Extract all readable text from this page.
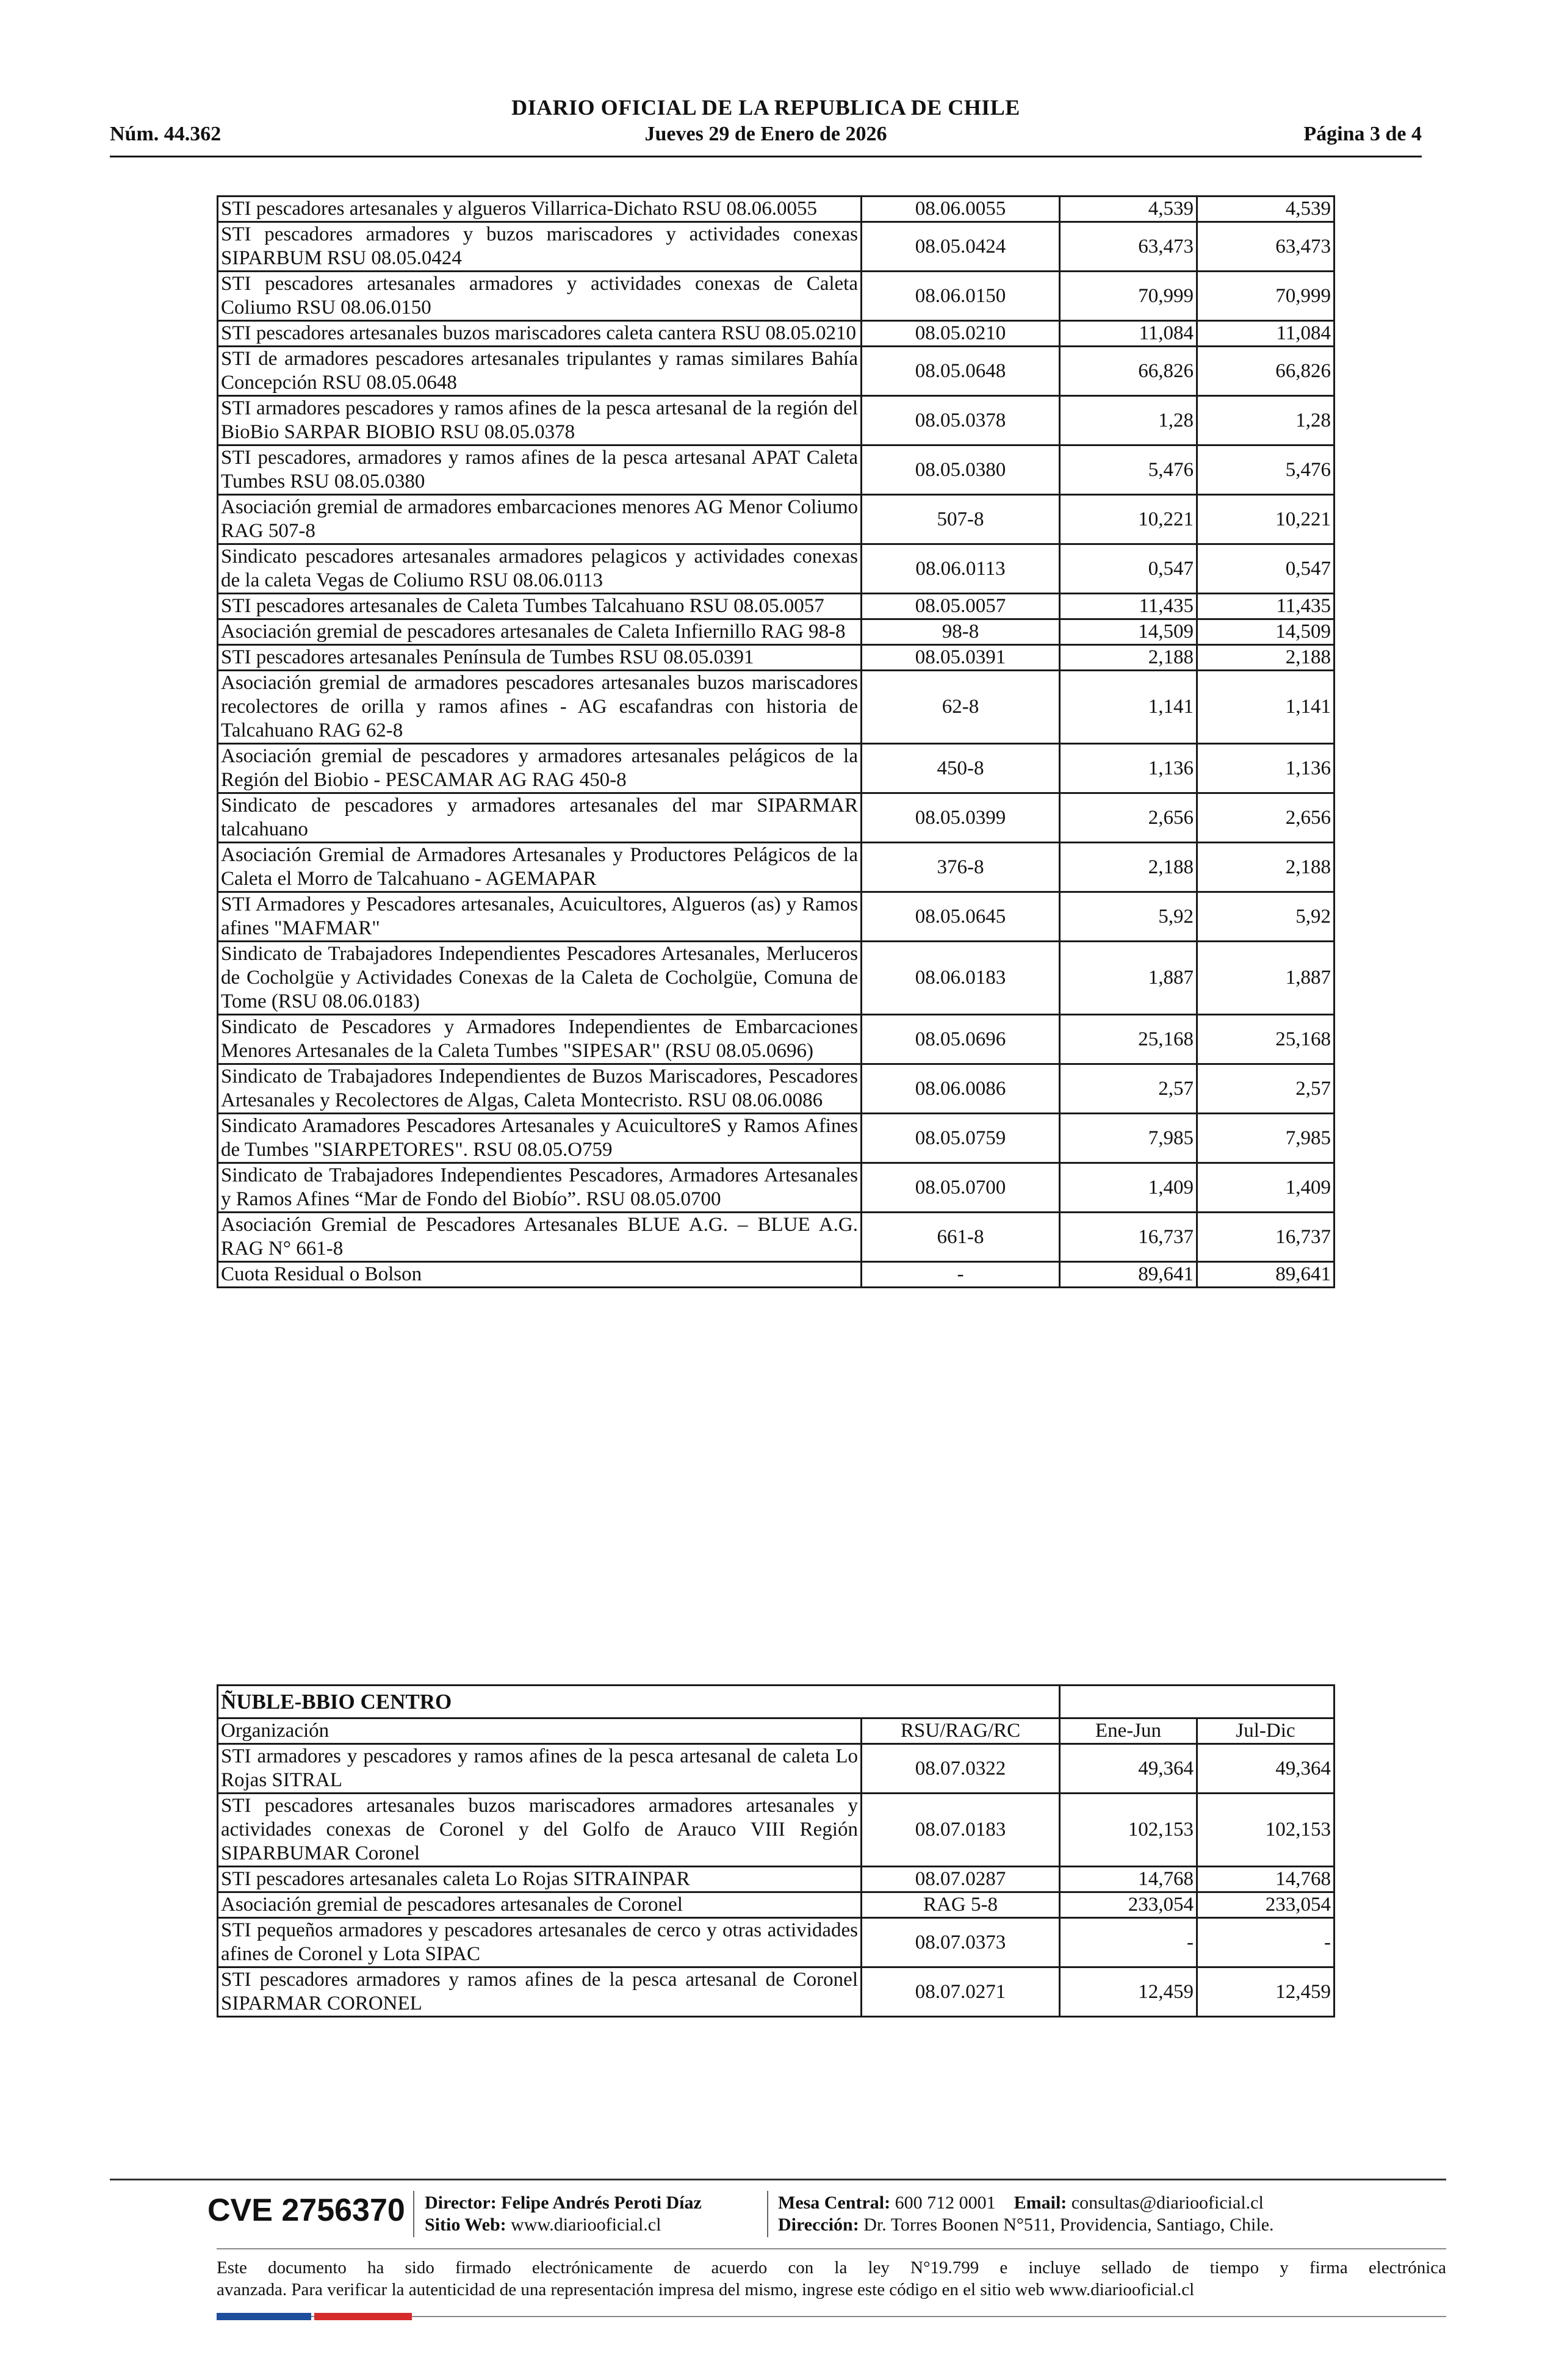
DIARIO OFICIAL DE LA REPUBLICA DE CHILE
Núm. 44.362	Jueves 29 de Enero de 2026	Página 3 de 4
STI pescadores artesanales y algueros Villarrica-Dichato RSU 08.06.0055	08.06.0055	4,539	4,539
STI pescadores armadores y buzos mariscadores y actividades conexas SIPARBUM RSU 08.05.0424	08.05.0424	63,473	63,473
STI pescadores artesanales armadores y actividades conexas de Caleta Coliumo RSU 08.06.0150	08.06.0150	70,999	70,999
STI pescadores artesanales buzos mariscadores caleta cantera RSU 08.05.0210	08.05.0210	11,084	11,084
STI de armadores pescadores artesanales tripulantes y ramas similares Bahía Concepción RSU 08.05.0648	08.05.0648	66,826	66,826
STI armadores pescadores y ramos afines de la pesca artesanal de la región del BioBio SARPAR BIOBIO RSU 08.05.0378	08.05.0378	1,28	1,28
STI pescadores, armadores y ramos afines de la pesca artesanal APAT Caleta Tumbes RSU 08.05.0380	08.05.0380	5,476	5,476
Asociación gremial de armadores embarcaciones menores AG Menor Coliumo RAG 507-8	507-8	10,221	10,221
Sindicato pescadores artesanales armadores pelagicos y actividades conexas de la caleta Vegas de Coliumo RSU 08.06.0113	08.06.0113	0,547	0,547
STI pescadores artesanales de Caleta Tumbes Talcahuano RSU 08.05.0057	08.05.0057	11,435	11,435
Asociación gremial de pescadores artesanales de Caleta Infiernillo RAG 98-8	98-8	14,509	14,509
STI pescadores artesanales Península de Tumbes RSU 08.05.0391	08.05.0391	2,188	2,188
Asociación gremial de armadores pescadores artesanales buzos mariscadores recolectores de orilla y ramos afines - AG escafandras con historia de Talcahuano RAG 62-8	62-8	1,141	1,141
Asociación gremial de pescadores y armadores artesanales pelágicos de la Región del Biobio - PESCAMAR AG RAG 450-8	450-8	1,136	1,136
Sindicato de pescadores y armadores artesanales del mar SIPARMAR talcahuano	08.05.0399	2,656	2,656
Asociación Gremial de Armadores Artesanales y Productores Pelágicos de la Caleta el Morro de Talcahuano - AGEMAPAR	376-8	2,188	2,188
STI Armadores y Pescadores artesanales, Acuicultores, Algueros (as) y Ramos afines "MAFMAR"	08.05.0645	5,92	5,92
Sindicato de Trabajadores Independientes Pescadores Artesanales, Merluceros de Cocholgüe y Actividades Conexas de la Caleta de Cocholgüe, Comuna de Tome (RSU 08.06.0183)	08.06.0183	1,887	1,887
Sindicato de Pescadores y Armadores Independientes de Embarcaciones Menores Artesanales de la Caleta Tumbes "SIPESAR" (RSU 08.05.0696)	08.05.0696	25,168	25,168
Sindicato de Trabajadores Independientes de Buzos Mariscadores, Pescadores Artesanales y Recolectores de Algas, Caleta Montecristo. RSU 08.06.0086	08.06.0086	2,57	2,57
Sindicato Aramadores Pescadores Artesanales y AcuicultoreS y Ramos Afines de Tumbes "SIARPETORES". RSU 08.05.O759	08.05.0759	7,985	7,985
Sindicato de Trabajadores Independientes Pescadores, Armadores Artesanales y Ramos Afines “Mar de Fondo del Biobío”. RSU 08.05.0700	08.05.0700	1,409	1,409
Asociación Gremial de Pescadores Artesanales BLUE A.G. – BLUE A.G. RAG N° 661-8	661-8	16,737	16,737
Cuota Residual o Bolson	-	89,641	89,641
ÑUBLE-BBIO CENTRO	
Organización	RSU/RAG/RC	Ene-Jun	Jul-Dic
STI armadores y pescadores y ramos afines de la pesca artesanal de caleta Lo Rojas SITRAL	08.07.0322	49,364	49,364
STI pescadores artesanales buzos mariscadores armadores artesanales y actividades conexas de Coronel y del Golfo de Arauco VIII Región SIPARBUMAR Coronel	08.07.0183	102,153	102,153
STI pescadores artesanales caleta Lo Rojas SITRAINPAR	08.07.0287	14,768	14,768
Asociación gremial de pescadores artesanales de Coronel	RAG 5-8	233,054	233,054
STI pequeños armadores y pescadores artesanales de cerco y otras actividades afines de Coronel y Lota SIPAC	08.07.0373	-	-
STI pescadores armadores y ramos afines de la pesca artesanal de Coronel SIPARMAR CORONEL	08.07.0271	12,459	12,459
CVE 2756370 Director: Felipe Andrés Peroti Díaz
Sitio Web: www.diariooficial.cl
Mesa Central: 600 712 0001 Email: consultas@diariooficial.cl
Dirección: Dr. Torres Boonen N°511, Providencia, Santiago, Chile.
Este documento ha sido firmado electrónicamente de acuerdo con la ley N°19.799 e incluye sellado de tiempo y firma electrónica
avanzada. Para verificar la autenticidad de una representación impresa del mismo, ingrese este código en el sitio web www.diariooficial.cl
